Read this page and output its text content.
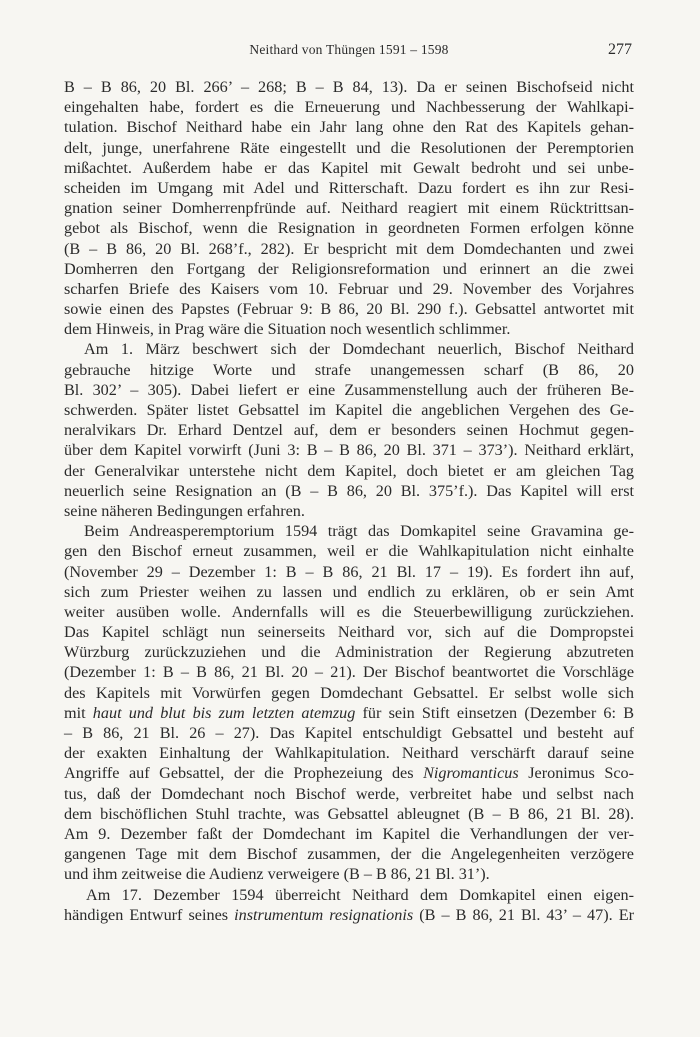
Neithard von Thüngen 1591 – 1598	277
B – B 86, 20 Bl. 266’ – 268; B – B 84, 13). Da er seinen Bischofseid nicht
eingehalten habe, fordert es die Erneuerung und Nachbesserung der Wahlkapi-
tulation. Bischof Neithard habe ein Jahr lang ohne den Rat des Kapitels gehan-
delt, junge, unerfahrene Räte eingestellt und die Resolutionen der Peremptorien
mißachtet. Außerdem habe er das Kapitel mit Gewalt bedroht und sei unbe-
scheiden im Umgang mit Adel und Ritterschaft. Dazu fordert es ihn zur Resi-
gnation seiner Domherrenpfründe auf. Neithard reagiert mit einem Rücktrittsan-
gebot als Bischof, wenn die Resignation in geordneten Formen erfolgen könne
(B – B 86, 20 Bl. 268’f., 282). Er bespricht mit dem Domdechanten und zwei
Domherren den Fortgang der Religionsreformation und erinnert an die zwei
scharfen Briefe des Kaisers vom 10. Februar und 29. November des Vorjahres
sowie einen des Papstes (Februar 9: B 86, 20 Bl. 290 f.). Gebsattel antwortet mit
dem Hinweis, in Prag wäre die Situation noch wesentlich schlimmer.
Am 1. März beschwert sich der Domdechant neuerlich, Bischof Neithard
gebrauche hitzige Worte und strafe unangemessen scharf (B 86, 20
Bl. 302’ – 305). Dabei liefert er eine Zusammenstellung auch der früheren Be-
schwerden. Später listet Gebsattel im Kapitel die angeblichen Vergehen des Ge-
neralvikars Dr. Erhard Dentzel auf, dem er besonders seinen Hochmut gegen-
über dem Kapitel vorwirft (Juni 3: B – B 86, 20 Bl. 371 – 373’). Neithard erklärt,
der Generalvikar unterstehe nicht dem Kapitel, doch bietet er am gleichen Tag
neuerlich seine Resignation an (B – B 86, 20 Bl. 375’f.). Das Kapitel will erst
seine näheren Bedingungen erfahren.
Beim Andreasperemptorium 1594 trägt das Domkapitel seine Gravamina ge-
gen den Bischof erneut zusammen, weil er die Wahlkapitulation nicht einhalte
(November 29 – Dezember 1: B – B 86, 21 Bl. 17 – 19). Es fordert ihn auf,
sich zum Priester weihen zu lassen und endlich zu erklären, ob er sein Amt
weiter ausüben wolle. Andernfalls will es die Steuerbewilligung zurückziehen.
Das Kapitel schlägt nun seinerseits Neithard vor, sich auf die Dompropstei
Würzburg zurückzuziehen und die Administration der Regierung abzutreten
(Dezember 1: B – B 86, 21 Bl. 20 – 21). Der Bischof beantwortet die Vorschläge
des Kapitels mit Vorwürfen gegen Domdechant Gebsattel. Er selbst wolle sich
mit haut und blut bis zum letzten atemzug für sein Stift einsetzen (Dezember 6: B
– B 86, 21 Bl. 26 – 27). Das Kapitel entschuldigt Gebsattel und besteht auf
der exakten Einhaltung der Wahlkapitulation. Neithard verschärft darauf seine
Angriffe auf Gebsattel, der die Prophezeiung des Nigromanticus Jeronimus Sco-
tus, daß der Domdechant noch Bischof werde, verbreitet habe und selbst nach
dem bischöflichen Stuhl trachte, was Gebsattel ableugnet (B – B 86, 21 Bl. 28).
Am 9. Dezember faßt der Domdechant im Kapitel die Verhandlungen der ver-
gangenen Tage mit dem Bischof zusammen, der die Angelegenheiten verzögere
und ihm zeitweise die Audienz verweigere (B – B 86, 21 Bl. 31’).
Am 17. Dezember 1594 überreicht Neithard dem Domkapitel einen eigen-
händigen Entwurf seines instrumentum resignationis (B – B 86, 21 Bl. 43’ – 47). Er
